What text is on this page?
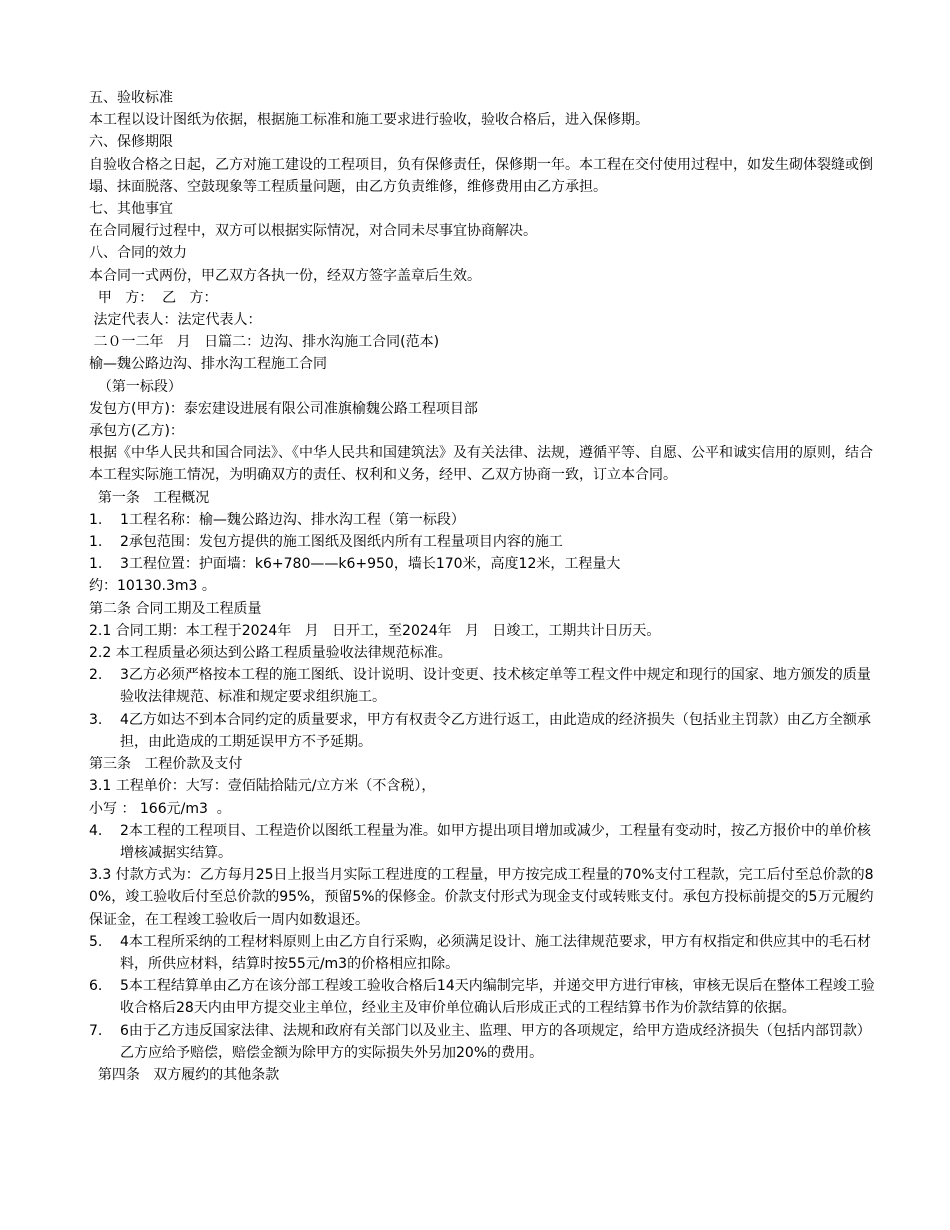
五、验收标准
本工程以设计图纸为依据，根据施工标准和施工要求进行验收，验收合格后，进入保修期。
六、保修期限
自验收合格之日起，乙方对施工建设的工程项目，负有保修责任，保修期一年。本工程在交付使用过程中，如发生砌体裂缝或倒塌、抹面脱落、空鼓现象等工程质量问题，由乙方负责维修，维修费用由乙方承担。
七、其他事宜
在合同履行过程中，双方可以根据实际情况，对合同未尽事宜协商解决。
八、合同的效力
本合同一式两份，甲乙双方各执一份，经双方签字盖章后生效。
甲   方：  乙   方：
法定代表人：法定代表人：
二０一二年   月   日篇二：边沟、排水沟施工合同(范本)
榆—魏公路边沟、排水沟工程施工合同
（第一标段）
发包方(甲方)：泰宏建设进展有限公司准旗榆魏公路工程项目部
承包方(乙方)：
根据《中华人民共和国合同法》、《中华人民共和国建筑法》及有关法律、法规，遵循平等、自愿、公平和诚实信用的原则，结合本工程实际施工情况，为明确双方的责任、权利和义务，经甲、乙双方协商一致，订立本合同。
第一条   工程概况
1.	1工程名称：榆—魏公路边沟、排水沟工程（第一标段）
1.	2承包范围：发包方提供的施工图纸及图纸内所有工程量项目内容的施工
1.	3工程位置：护面墙：k6+780——k6+950，墙长170米，高度12米，工程量大
约：10130.3m3 。
第二条 合同工期及工程质量
2.1 合同工期：本工程于2024年   月   日开工，至2024年   月   日竣工，工期共计日历天。
2.2 本工程质量必须达到公路工程质量验收法律规范标准。
2.	3乙方必须严格按本工程的施工图纸、设计说明、设计变更、技术核定单等工程文件中规定和现行的国家、地方颁发的质量验收法律规范、标准和规定要求组织施工。
3.	4乙方如达不到本合同约定的质量要求，甲方有权责令乙方进行返工，由此造成的经济损失（包括业主罚款）由乙方全额承担，由此造成的工期延误甲方不予延期。
第三条   工程价款及支付
3.1 工程单价：大写：壹佰陆拾陆元/立方米（不含税），
小写 ： 166元/m3  。
4.	2本工程的工程项目、工程造价以图纸工程量为准。如甲方提出项目增加或减少，工程量有变动时，按乙方报价中的单价核增核减据实结算。
3.3 付款方式为：乙方每月25日上报当月实际工程进度的工程量，甲方按完成工程量的70%支付工程款，完工后付至总价款的80%，竣工验收后付至总价款的95%，预留5%的保修金。价款支付形式为现金支付或转账支付。承包方投标前提交的5万元履约保证金，在工程竣工验收后一周内如数退还。
5.	4本工程所采纳的工程材料原则上由乙方自行采购，必须满足设计、施工法律规范要求，甲方有权指定和供应其中的毛石材料，所供应材料，结算时按55元/m3的价格相应扣除。
6.	5本工程结算单由乙方在该分部工程竣工验收合格后14天内编制完毕，并递交甲方进行审核，审核无误后在整体工程竣工验收合格后28天内由甲方提交业主单位，经业主及审价单位确认后形成正式的工程结算书作为价款结算的依据。
7.	6由于乙方违反国家法律、法规和政府有关部门以及业主、监理、甲方的各项规定，给甲方造成经济损失（包括内部罚款）乙方应给予赔偿，赔偿金额为除甲方的实际损失外另加20%的费用。
第四条   双方履约的其他条款
